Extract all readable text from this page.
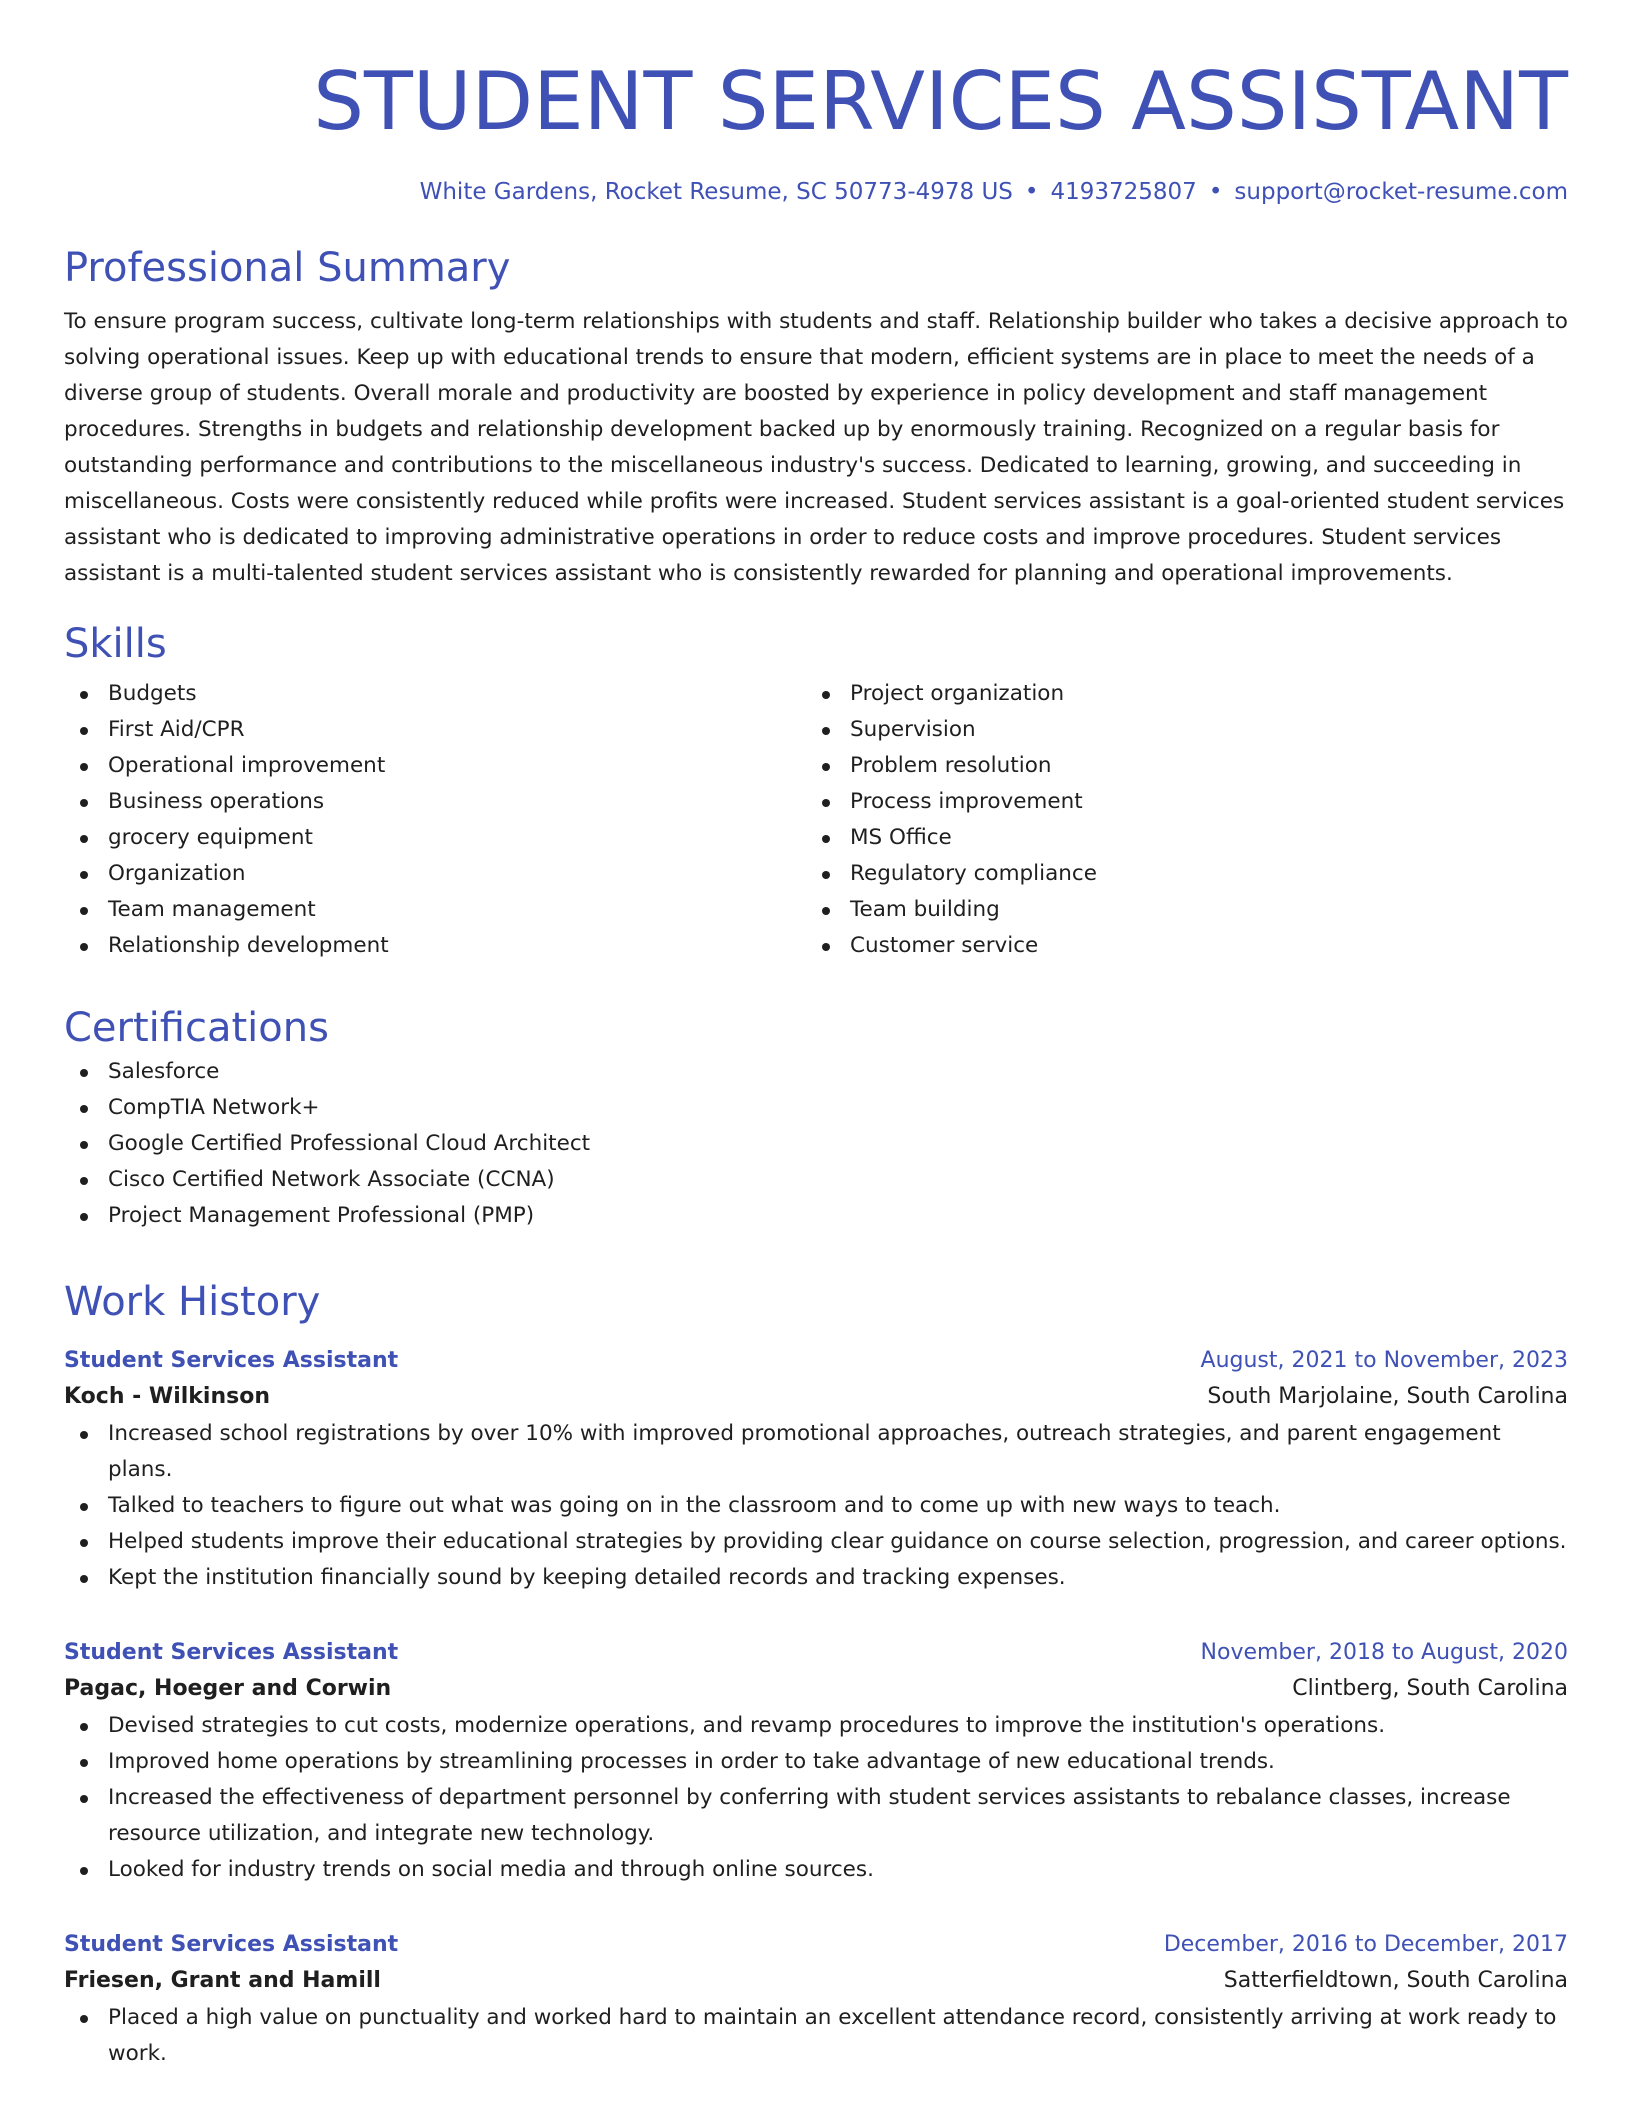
STUDENT SERVICES ASSISTANT
White Gardens, Rocket Resume, SC 50773-4978 US • 4193725807 • support@rocket-resume.com
Professional Summary
To ensure program success, cultivate long-term relationships with students and staff. Relationship builder who takes a decisive approach to solving operational issues. Keep up with educational trends to ensure that modern, efficient systems are in place to meet the needs of a diverse group of students. Overall morale and productivity are boosted by experience in policy development and staff management procedures. Strengths in budgets and relationship development backed up by enormously training. Recognized on a regular basis for outstanding performance and contributions to the miscellaneous industry's success. Dedicated to learning, growing, and succeeding in miscellaneous. Costs were consistently reduced while profits were increased. Student services assistant is a goal-oriented student services assistant who is dedicated to improving administrative operations in order to reduce costs and improve procedures. Student services assistant is a multi-talented student services assistant who is consistently rewarded for planning and operational improvements.
Skills
Budgets
First Aid/CPR
Operational improvement
Business operations
grocery equipment
Organization
Team management
Relationship development
Project organization
Supervision
Problem resolution
Process improvement
MS Office
Regulatory compliance
Team building
Customer service
Certifications
Salesforce
CompTIA Network+
Google Certified Professional Cloud Architect
Cisco Certified Network Associate (CCNA)
Project Management Professional (PMP)
Work History
Student Services Assistant	August, 2021 to November, 2023
Koch - Wilkinson	South Marjolaine, South Carolina
Increased school registrations by over 10% with improved promotional approaches, outreach strategies, and parent engagement plans.
Talked to teachers to figure out what was going on in the classroom and to come up with new ways to teach.
Helped students improve their educational strategies by providing clear guidance on course selection, progression, and career options.
Kept the institution financially sound by keeping detailed records and tracking expenses.
Student Services Assistant	November, 2018 to August, 2020
Pagac, Hoeger and Corwin	Clintberg, South Carolina
Devised strategies to cut costs, modernize operations, and revamp procedures to improve the institution's operations.
Improved home operations by streamlining processes in order to take advantage of new educational trends.
Increased the effectiveness of department personnel by conferring with student services assistants to rebalance classes, increase resource utilization, and integrate new technology.
Looked for industry trends on social media and through online sources.
Student Services Assistant	December, 2016 to December, 2017
Friesen, Grant and Hamill	Satterfieldtown, South Carolina
Placed a high value on punctuality and worked hard to maintain an excellent attendance record, consistently arriving at work ready to work.
